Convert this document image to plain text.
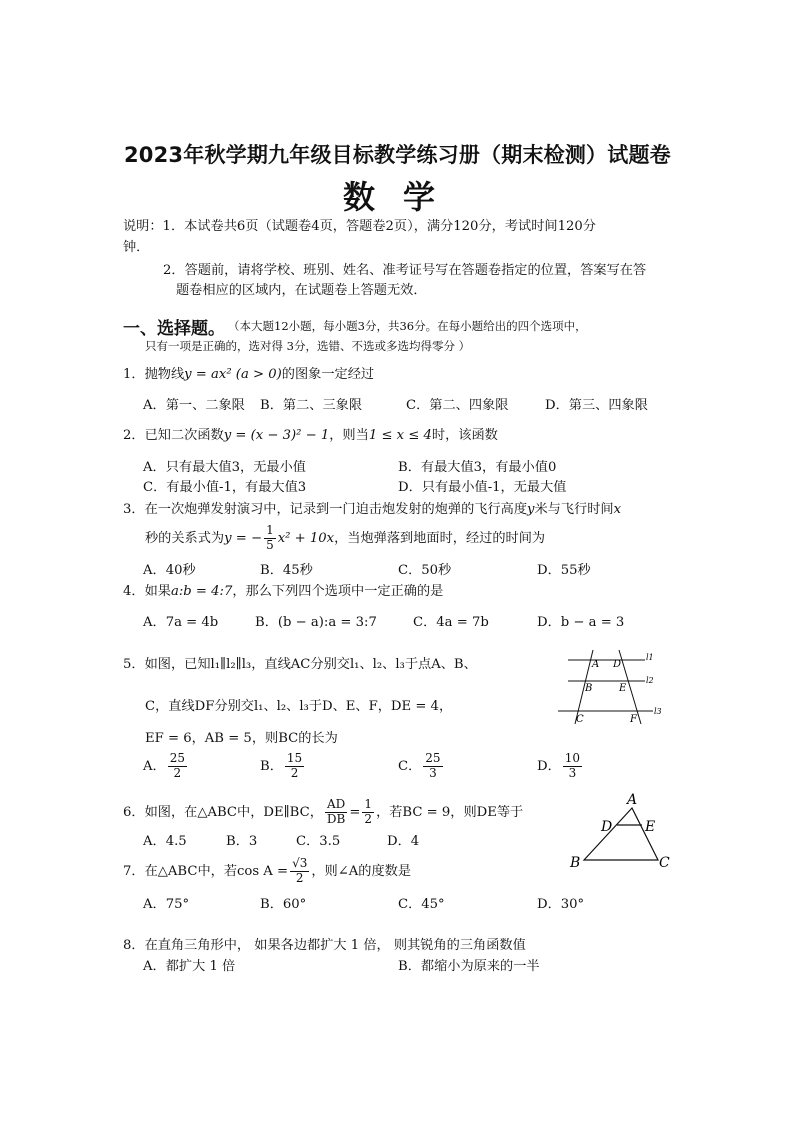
2023年秋学期九年级目标教学练习册（期末检测）试题卷
数学
说明：1．本试卷共6页（试题卷4页，答题卷2页），满分120分，考试时间120分
钟．
2．答题前，请将学校、班别、姓名、准考证号写在答题卷指定的位置，答案写在答
题卷相应的区域内，在试题卷上答题无效．
一、选择题。 （本大题12小题，每小题3分，共36分。在每小题给出的四个选项中，
只有一项是正确的，选对得 3分，选错、不选或多选均得零分 ）
1．抛物线y = ax² (a > 0)的图象一定经过
A．第一、二象限 B．第二、三象限	C．第二、四象限	D．第三、四象限
2．已知二次函数y = (x − 3)² − 1，则当1 ≤ x ≤ 4时，该函数
A．只有最大值3，无最小值	B．有最大值3，有最小值0
C．有最小值-1，有最大值3	D．只有最小值-1，无最大值
3．在一次炮弹发射演习中，记录到一门迫击炮发射的炮弹的飞行高度y米与飞行时间x
秒的关系式为y = − $\frac{1}{5} x^2 + 10x$，当炮弹落到地面时，经过的时间为
A．40秒	B．45秒	C．50秒	D．55秒
4．如果a:b = 4:7，那么下列四个选项中一定正确的是
A．7a = 4b	B．(b − a):a = 3:7	C．4a = 7b	D．b − a = 3
5．如图，已知l₁∥l₂∥l₃，直线AC分别交l₁、l₂、l₃于点A、B、
C，直线DF分别交l₁、l₂、l₃于D、E、F，DE = 4，
EF = 6，AB = 5，则BC的长为
A． $\frac{25}{2}$	B． $\frac{15}{2}$	C． $\frac{25}{3}$	D． $\frac{10}{3}$
l1
l2
l3
A D
B	E
C	F
6．如图，在△ABC中，DE∥BC， $\frac{AD}{DB} = \frac{1}{2}$ ，若BC = 9，则DE等于
A．4.5	B．3	C．3.5	D．4
A
D E
B	C
7．在△ABC中，若$\cos A = \frac{√3}{2}$ ，则∠A的度数是
A．75°	B．60°	C．45°	D．30°
8．在直角三角形中， 如果各边都扩大 1 倍， 则其锐角的三角函数值
A．都扩大 1 倍	B．都缩小为原来的一半
